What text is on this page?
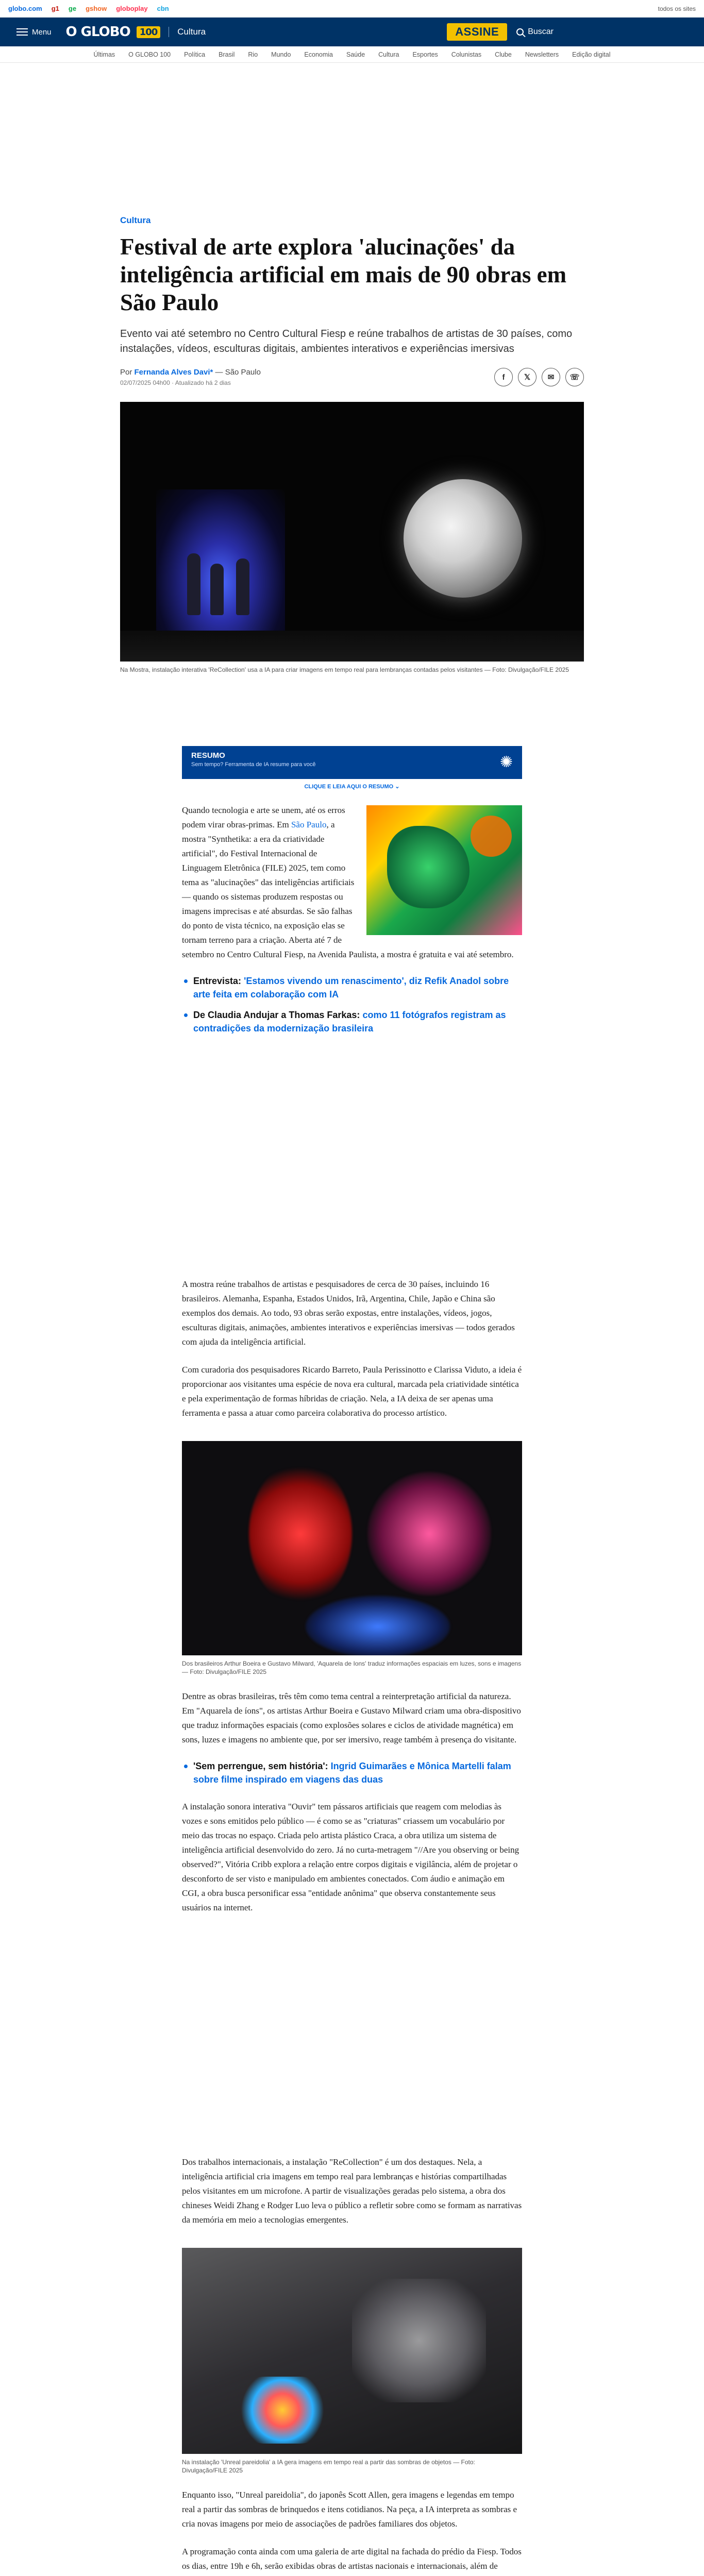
globo.com g1 ge gshow globoplay cbn	todos os sites
Menu O GLOBO	100	Cultura	ASSINE	Buscar
Últimas O GLOBO 100 Política Brasil Rio Mundo Economia Saúde Cultura Esportes Colunistas Clube Newsletters Edição digital
Cultura
Festival de arte explora 'alucinações' da inteligência artificial em mais de 90 obras em São Paulo

Evento vai até setembro no Centro Cultural Fiesp e reúne trabalhos de artistas de 30 países, como instalações, vídeos, esculturas digitais, ambientes interativos e experiências imersivas

Por Fernanda Alves Davi* — São Paulo
02/07/2025 04h00 · Atualizado há 2 dias
f	𝕏	✉	☏
Na Mostra, instalação interativa 'ReCollection' usa a IA para criar imagens em tempo real para lembranças contadas pelos visitantes — Foto: Divulgação/FILE 2025
RESUMO
Sem tempo? Ferramenta de IA resume para você	✺
CLIQUE E LEIA AQUI O RESUMO ⌄
Quando tecnologia e arte se unem, até os erros podem virar obras-primas. Em São Paulo, a mostra "Synthetika: a era da criatividade artificial", do Festival Internacional de Linguagem Eletrônica (FILE) 2025, tem como tema as "alucinações" das inteligências artificiais — quando os sistemas produzem respostas ou imagens imprecisas e até absurdas. Se são falhas do ponto de vista técnico, na exposição elas se tornam terreno para a criação. Aberta até 7 de setembro no Centro Cultural Fiesp, na Avenida Paulista, a mostra é gratuita e vai até setembro.
Entrevista: 'Estamos vivendo um renascimento', diz Refik Anadol sobre arte feita em colaboração com IA
De Claudia Andujar a Thomas Farkas: como 11 fotógrafos registram as contradições da modernização brasileira

A mostra reúne trabalhos de artistas e pesquisadores de cerca de 30 países, incluindo 16 brasileiros. Alemanha, Espanha, Estados Unidos, Irã, Argentina, Chile, Japão e China são exemplos dos demais. Ao todo, 93 obras serão expostas, entre instalações, vídeos, jogos, esculturas digitais, animações, ambientes interativos e experiências imersivas — todos gerados com ajuda da inteligência artificial.

Com curadoria dos pesquisadores Ricardo Barreto, Paula Perissinotto e Clarissa Viduto, a ideia é proporcionar aos visitantes uma espécie de nova era cultural, marcada pela criatividade sintética e pela experimentação de formas híbridas de criação. Nela, a IA deixa de ser apenas uma ferramenta e passa a atuar como parceira colaborativa do processo artístico.

Dos brasileiros Arthur Boeira e Gustavo Milward, 'Aquarela de Ions' traduz informações espaciais em luzes, sons e imagens — Foto: Divulgação/FILE 2025

Dentre as obras brasileiras, três têm como tema central a reinterpretação artificial da natureza. Em "Aquarela de íons", os artistas Arthur Boeira e Gustavo Milward criam uma obra-dispositivo que traduz informações espaciais (como explosões solares e ciclos de atividade magnética) em sons, luzes e imagens no ambiente que, por ser imersivo, reage também à presença do visitante.

'Sem perrengue, sem história': Ingrid Guimarães e Mônica Martelli falam sobre filme inspirado em viagens das duas

A instalação sonora interativa "Ouvir" tem pássaros artificiais que reagem com melodias às vozes e sons emitidos pelo público — é como se as "criaturas" criassem um vocabulário por meio das trocas no espaço. Criada pelo artista plástico Craca, a obra utiliza um sistema de inteligência artificial desenvolvido do zero. Já no curta-metragem "//Are you observing or being observed?", Vitória Cribb explora a relação entre corpos digitais e vigilância, além de projetar o desconforto de ser visto e manipulado em ambientes conectados. Com áudio e animação em CGI, a obra busca personificar essa "entidade anônima" que observa constantemente seus usuários na internet.

Dos trabalhos internacionais, a instalação "ReCollection" é um dos destaques. Nela, a inteligência artificial cria imagens em tempo real para lembranças e histórias compartilhadas pelos visitantes em um microfone. A partir de visualizações geradas pelo sistema, a obra dos chineses Weidi Zhang e Rodger Luo leva o público a refletir sobre como se formam as narrativas da memória em meio a tecnologias emergentes.

Na instalação 'Unreal pareidolia' a IA gera imagens em tempo real a partir das sombras de objetos — Foto: Divulgação/FILE 2025

Enquanto isso, "Unreal pareidolia", do japonês Scott Allen, gera imagens e legendas em tempo real a partir das sombras de brinquedos e itens cotidianos. Na peça, a IA interpreta as sombras e cria novas imagens por meio de associações de padrões familiares dos objetos.

A programação conta ainda com uma galeria de arte digital na fachada do prédio da Fiesp. Todos os dias, entre 19h e 6h, serão exibidas obras de artistas nacionais e internacionais, além de
